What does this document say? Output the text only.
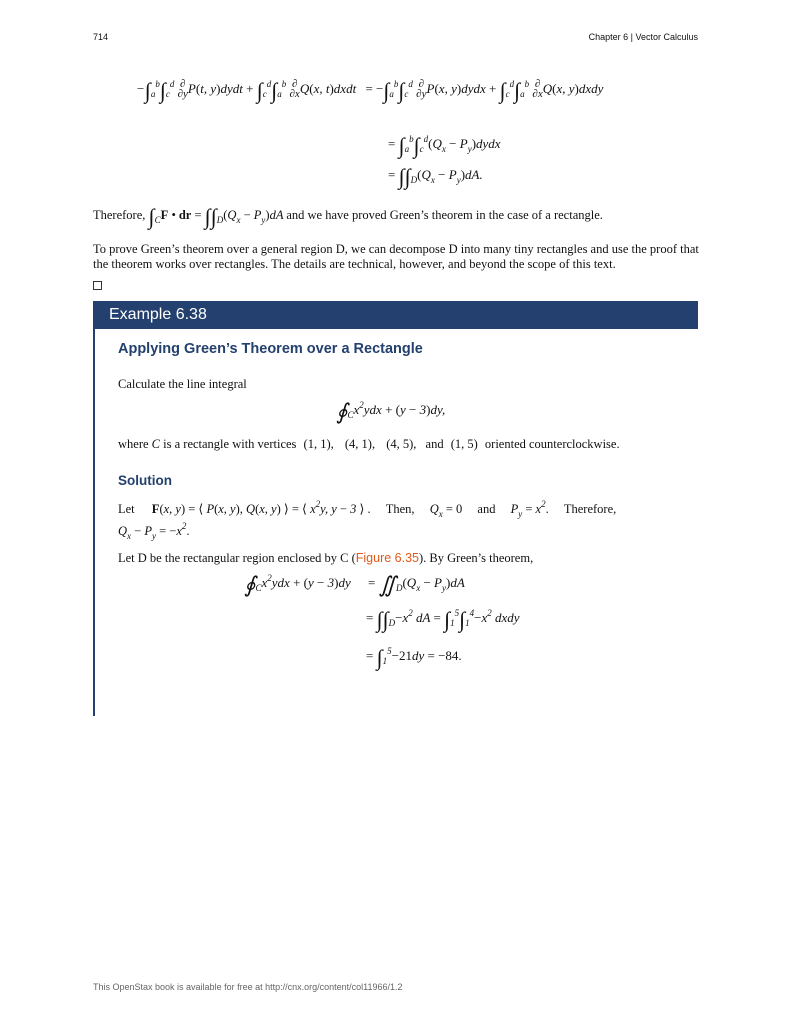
714	Chapter 6 | Vector Calculus
$-\int_a^b\int_c^d$ ∂
∂yP(t, y)dydt + $\int_c^d\int_a^b$ ∂
∂xQ(x, t)dxdt = $-\int_a^b\int_c^d$ ∂
∂yP(x, y)dydx + $\int_c^d\int_a^b$ ∂
∂xQ(x, y)dxdy
= $\int_a^b\int_c^d(Q_x$ − $P_y)dydx$
= $\int\int_D(Q_x - P_y)dA$.
Therefore, $\int_CF$ • dr = $\int\int_D(Q_x - P_y)dA$ and we have proved Green’s theorem in the case of a rectangle.
To prove Green’s theorem over a general region D, we can decompose D into many tiny rectangles and use the proof that the theorem works over rectangles. The details are technical, however, and beyond the scope of this text.
Example 6.38
Applying Green’s Theorem over a Rectangle
Calculate the line integral
$∮_Cx^2ydx + (y - 3)dy$,
where C is a rectangle with vertices (1, 1), (4, 1), (4, 5), and (1, 5) oriented counterclockwise.
Solution
Let F(x, y) = ⟨ P(x, y), Q(x, y) ⟩ = ⟨ $x^2y$, y − 3 ⟩ . Then, $Q_x = 0$ and $P_y = x^2$. Therefore,
$Q_x - P_y = -x^2$.
Let D be the rectangular region enclosed by C (Figure 6.35). By Green’s theorem,
$∮_Cx^2ydx + (y - 3)dy$ = $∬_D(Q_x - P_y)dA$
= $\int\int_D-x^2$ dA = $\int_1^5\int_1^4-x^2$ dxdy
= $\int_1^5-21dy = -84$.
This OpenStax book is available for free at http://cnx.org/content/col11966/1.2
